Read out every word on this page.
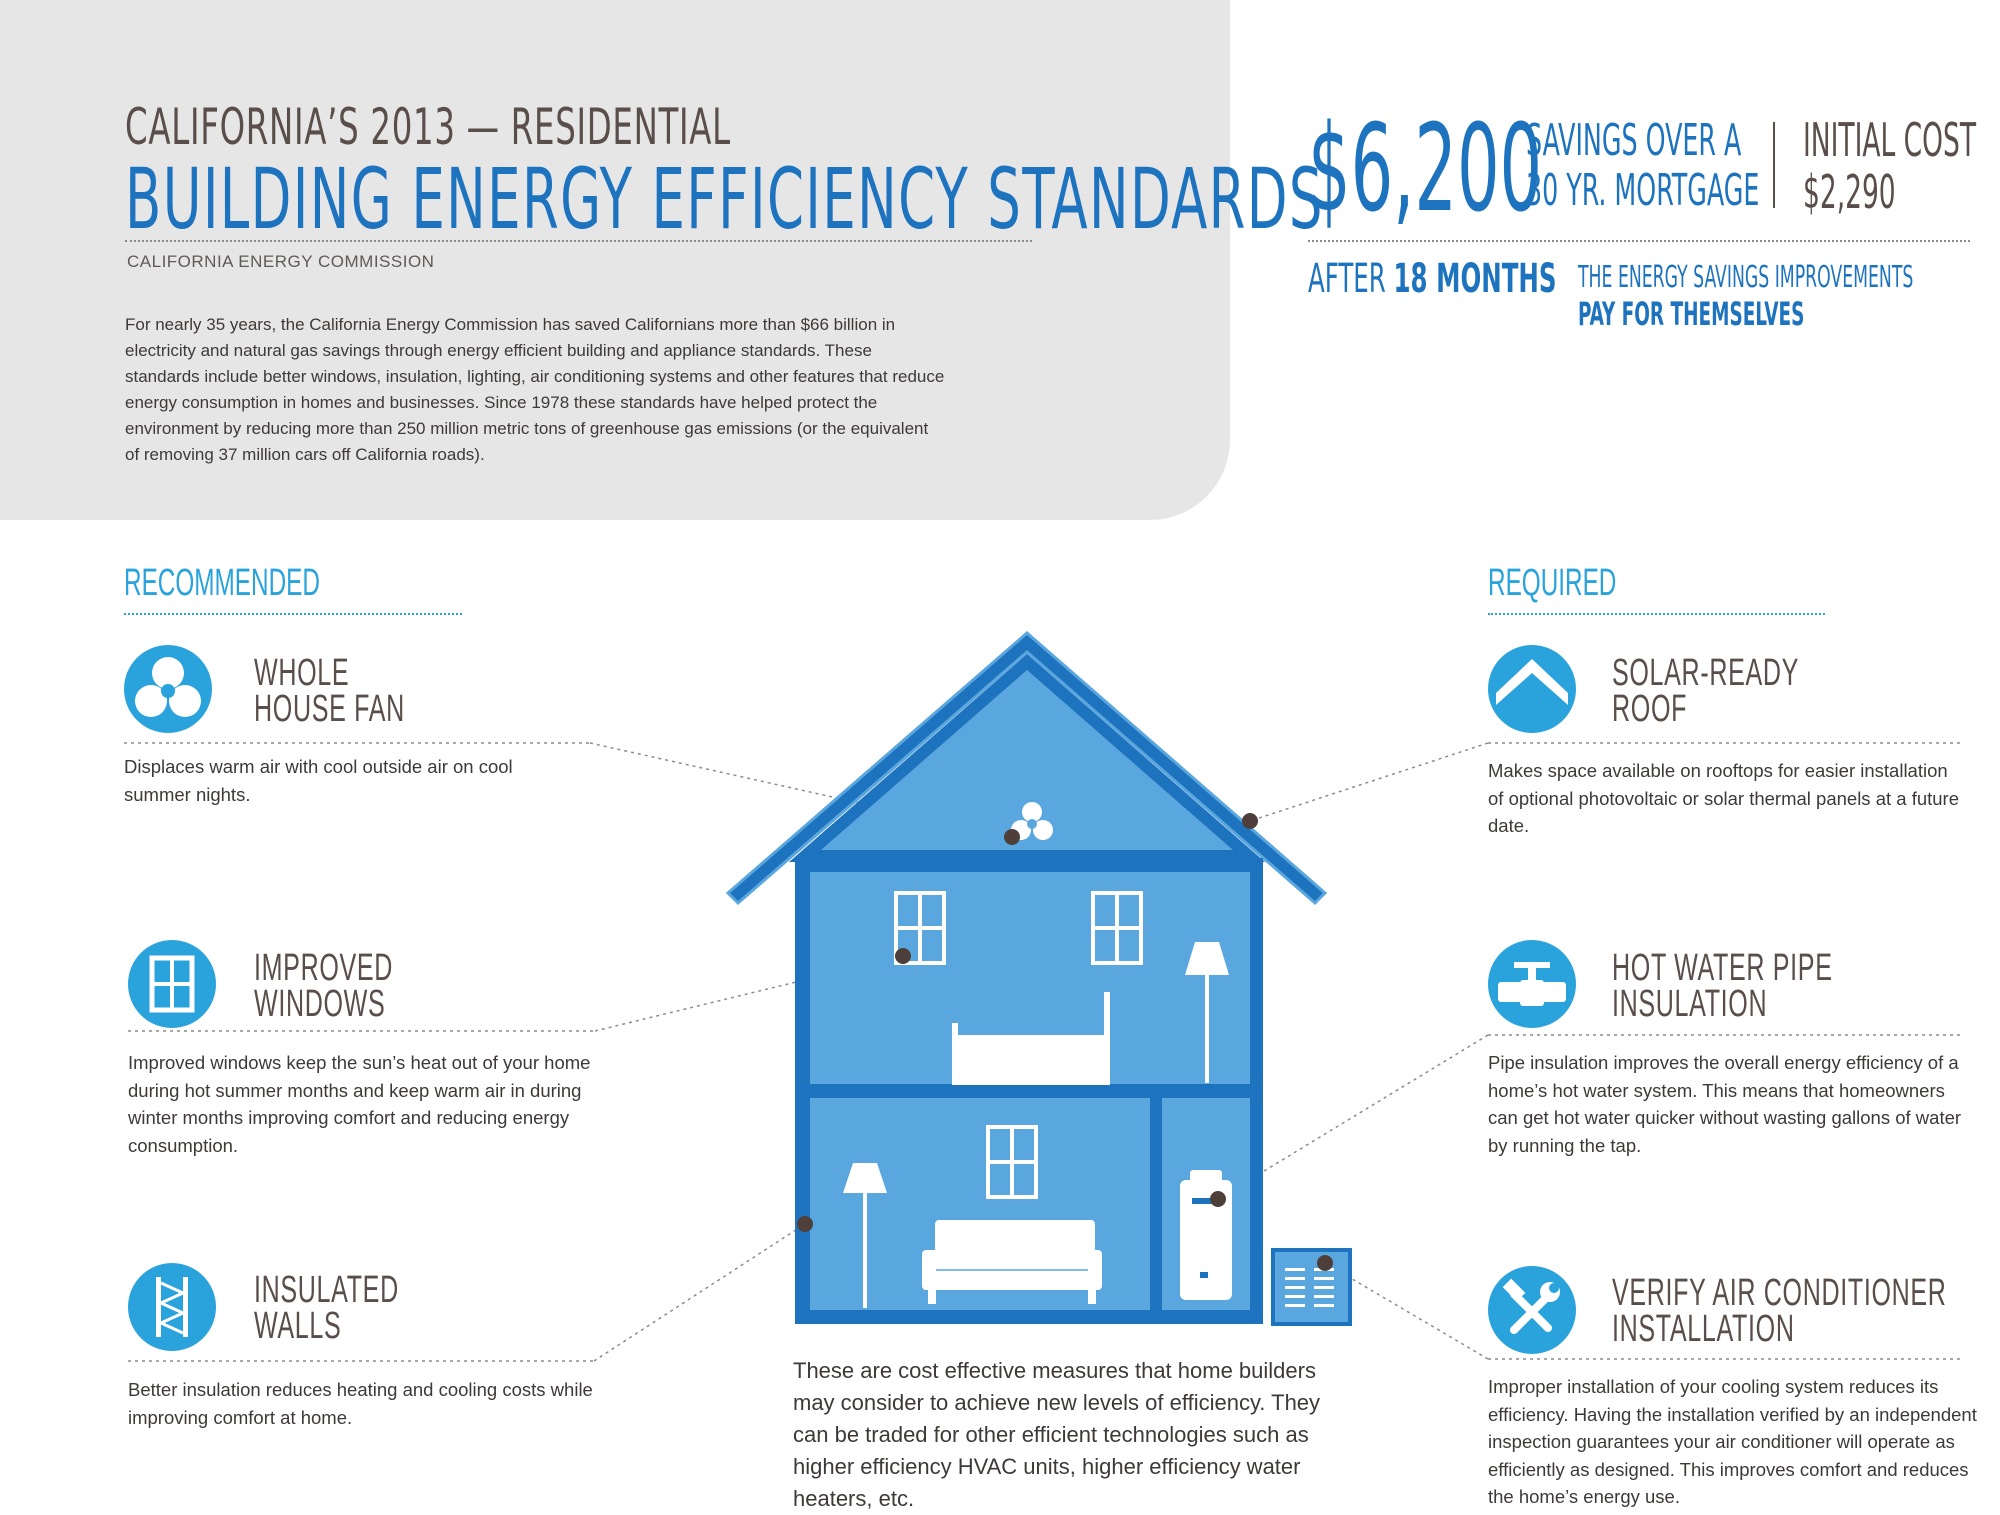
CALIFORNIA’S 2013 — RESIDENTIAL
BUILDING ENERGY EFFICIENCY STANDARDS
CALIFORNIA ENERGY COMMISSION
For nearly 35 years, the California Energy Commission has saved Californians more than $66 billion in electricity and natural gas savings through energy efficient building and appliance standards. These standards include better windows, insulation, lighting, air conditioning systems and other features that reduce energy consumption in homes and businesses. Since 1978 these standards have helped protect the environment by reducing more than 250 million metric tons of greenhouse gas emissions (or the equivalent of removing 37 million cars off California roads).
$6,200
SAVINGS OVER A
30 YR. MORTGAGE
INITIAL COST
$2,290
AFTER 18 MONTHS THE ENERGY SAVINGS IMPROVEMENTS
PAY FOR THEMSELVES
RECOMMENDED	REQUIRED
WHOLE
HOUSE FAN
Displaces warm air with cool outside air on cool summer nights.
IMPROVED
WINDOWS
Improved windows keep the sun’s heat out of your home during hot summer months and keep warm air in during winter months improving comfort and reducing energy consumption.
INSULATED
WALLS
Better insulation reduces heating and cooling costs while improving comfort at home.
SOLAR-READY
ROOF
Makes space available on rooftops for easier installation of optional photovoltaic or solar thermal panels at a future date.
HOT WATER PIPE
INSULATION
Pipe insulation improves the overall energy efficiency of a home’s hot water system. This means that homeowners can get hot water quicker without wasting gallons of water by running the tap.
VERIFY AIR CONDITIONER
INSTALLATION
Improper installation of your cooling system reduces its efficiency. Having the installation verified by an independent inspection guarantees your air conditioner will operate as efficiently as designed. This improves comfort and reduces the home’s energy use.
These are cost effective measures that home builders may consider to achieve new levels of efficiency. They can be traded for other efficient technologies such as higher efficiency HVAC units, higher efficiency water heaters, etc.
